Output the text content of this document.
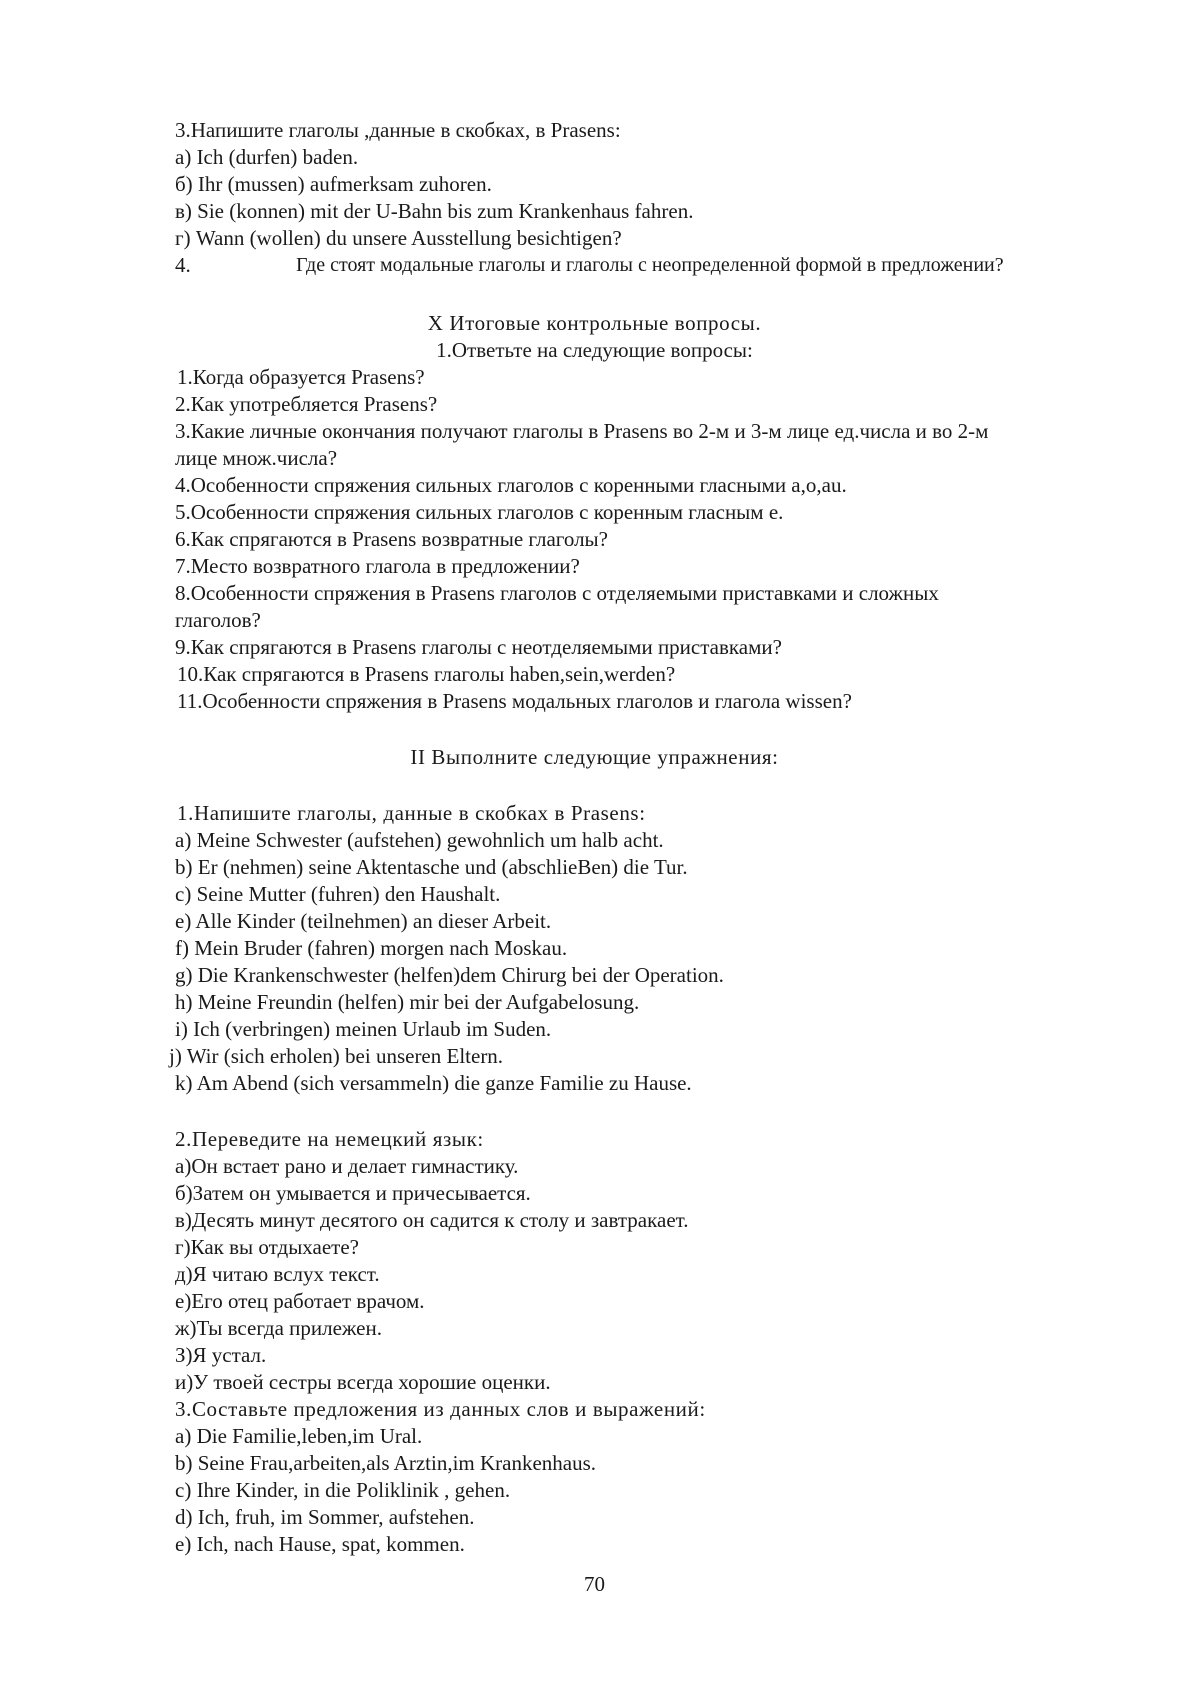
3.Напишите глаголы ,данные в скобках, в Prasens:
а) Ich (durfen) baden.
б) Ihr (mussen) aufmerksam zuhoren.
в) Sie (konnen) mit der U-Bahn bis zum Krankenhaus fahren.
г) Wann (wollen) du unsere Ausstellung besichtigen?
4.	Где стоят модальные глаголы и глаголы с неопределенной формой в предложении?
X Итоговые контрольные вопросы.
1.Ответьте на следующие вопросы:
1.Когда образуется Prasens?
2.Как употребляется Prasens?
3.Какие личные окончания получают глаголы в Prasens во 2-м и 3-м лице ед.числа и во 2-м
лице множ.числа?
4.Особенности спряжения сильных глаголов с коренными гласными a,o,au.
5.Особенности спряжения сильных глаголов с коренным гласным e.
6.Как спрягаются в Prasens возвратные глаголы?
7.Место возвратного глагола в предложении?
8.Особенности спряжения в Prasens глаголов с отделяемыми приставками и сложных
глаголов?
9.Как спрягаются в Prasens глаголы с неотделяемыми приставками?
10.Как спрягаются в Prasens глаголы haben,sein,werden?
11.Особенности спряжения в Prasens модальных глаголов и глагола wissen?
II Выполните следующие упражнения:
1.Напишите глаголы, данные в скобках в Prasens:
a) Meine Schwester (aufstehen) gewohnlich um halb acht.
b) Er (nehmen) seine Aktentasche und (abschlieBen) die Tur.
c) Seine Mutter (fuhren) den Haushalt.
e) Alle Kinder (teilnehmen) an dieser Arbeit.
f) Mein Bruder (fahren) morgen nach Moskau.
g) Die Krankenschwester (helfen)dem Chirurg bei der Operation.
h) Meine Freundin (helfen) mir bei der Aufgabelosung.
i) Ich (verbringen) meinen Urlaub im Suden.
j) Wir (sich erholen) bei unseren Eltern.
k) Am Abend (sich versammeln) die ganze Familie zu Hause.
2.Переведите на немецкий язык:
а)Он встает рано и делает гимнастику.
б)Затем он умывается и причесывается.
в)Десять минут десятого он садится к столу и завтракает.
г)Как вы отдыхаете?
д)Я читаю вслух текст.
е)Его отец работает врачом.
ж)Ты всегда прилежен.
З)Я устал.
и)У твоей сестры всегда хорошие оценки.
3.Составьте предложения из данных слов и выражений:
a) Die Familie,leben,im Ural.
b) Seine Frau,arbeiten,als Arztin,im Krankenhaus.
c) Ihre Kinder, in die Poliklinik , gehen.
d) Ich, fruh, im Sommer, aufstehen.
e) Ich, nach Hause, spat, kommen.
70
